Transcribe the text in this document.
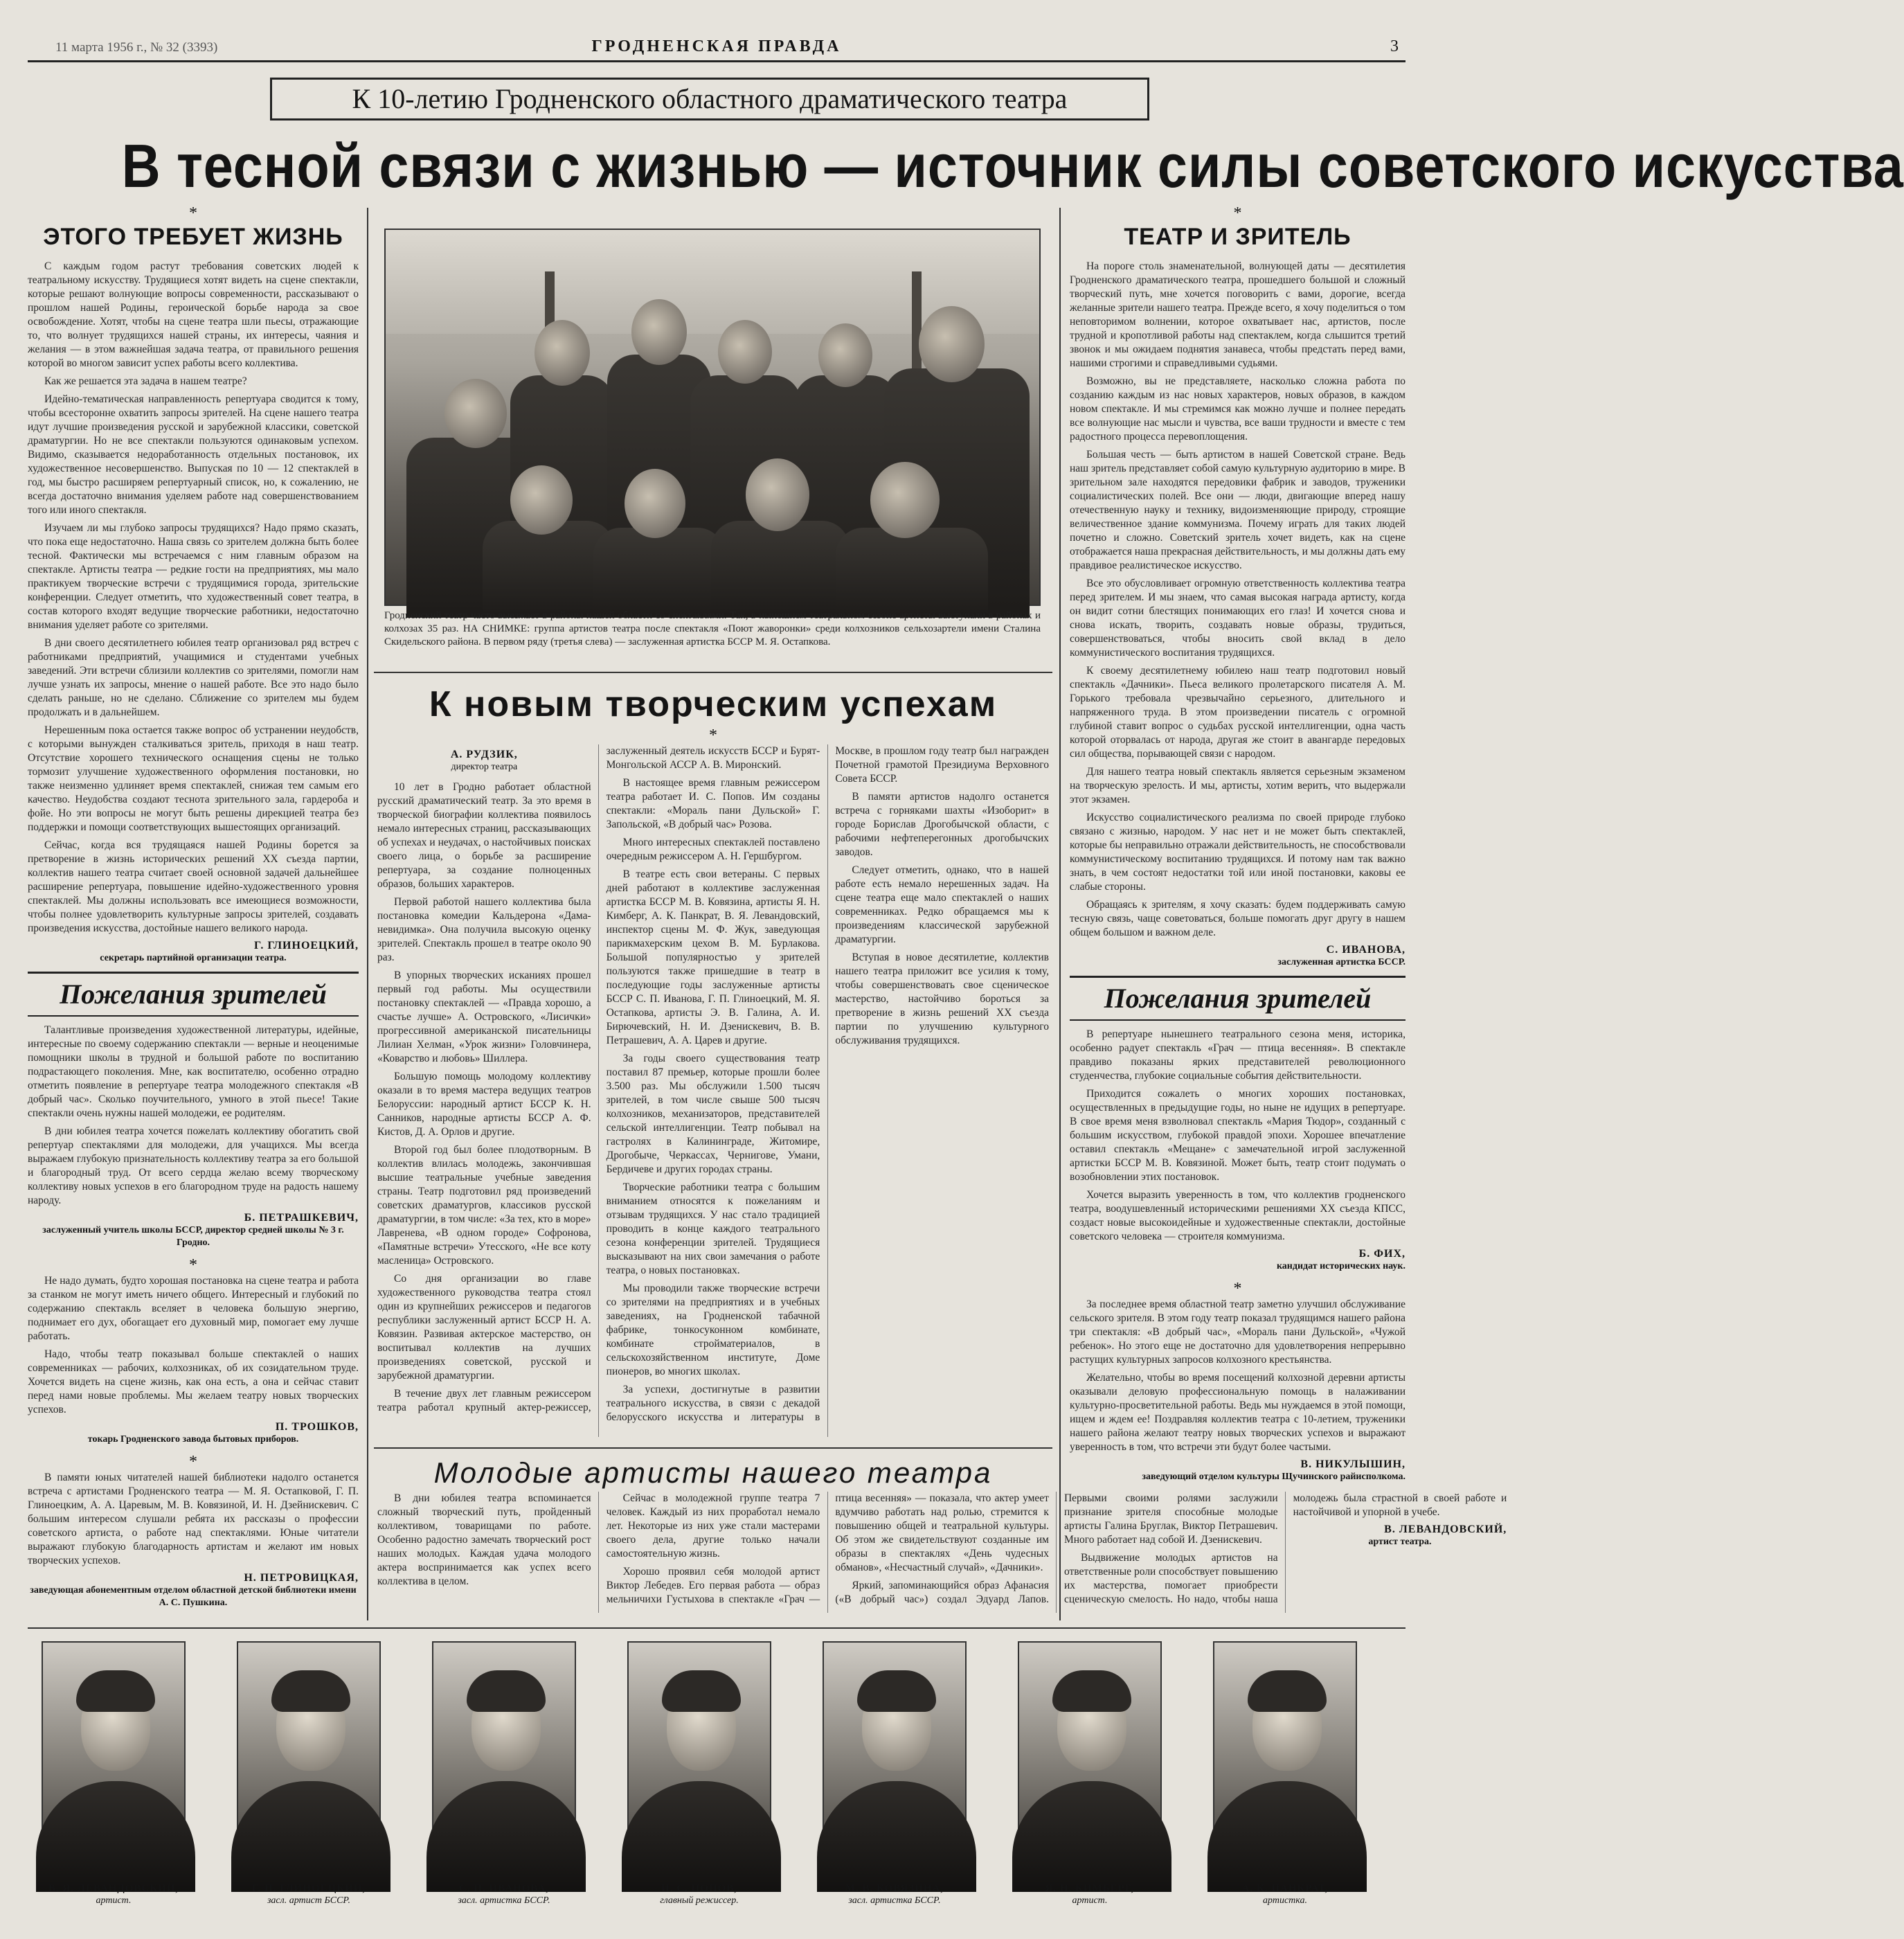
11 марта 1956 г., № 32 (3393)	ГРОДНЕНСКАЯ ПРАВДА	3
К 10-летию Гродненского областного драматического театра
В тесной связи с жизнью — источник силы советского искусства
*
ЭТОГО ТРЕБУЕТ ЖИЗНЬ

С каждым годом растут требования советских людей к театральному искусству. Трудящиеся хотят видеть на сцене спектакли, которые решают волнующие вопросы современности, рассказывают о прошлом нашей Родины, героической борьбе народа за свое освобождение. Хотят, чтобы на сцене театра шли пьесы, отражающие то, что волнует трудящихся нашей страны, их интересы, чаяния и желания — в этом важнейшая задача театра, от правильного решения которой во многом зависит успех работы всего коллектива.

Как же решается эта задача в нашем театре?

Идейно-тематическая направленность репертуара сводится к тому, чтобы всесторонне охватить запросы зрителей. На сцене нашего театра идут лучшие произведения русской и зарубежной классики, советской драматургии. Но не все спектакли пользуются одинаковым успехом. Видимо, сказывается недоработанность отдельных постановок, их художественное несовершенство. Выпуская по 10 — 12 спектаклей в год, мы быстро расширяем репертуарный список, но, к сожалению, не всегда достаточно внимания уделяем работе над совершенствованием того или иного спектакля.

Изучаем ли мы глубоко запросы трудящихся? Надо прямо сказать, что пока еще недостаточно. Наша связь со зрителем должна быть более тесной. Фактически мы встречаемся с ним главным образом на спектакле. Артисты театра — редкие гости на предприятиях, мы мало практикуем творческие встречи с трудящимися города, зрительские конференции. Следует отметить, что художественный совет театра, в состав которого входят ведущие творческие работники, недостаточно внимания уделяет работе со зрителями.

В дни своего десятилетнего юбилея театр организовал ряд встреч с работниками предприятий, учащимися и студентами учебных заведений. Эти встречи сблизили коллектив со зрителями, помогли нам лучше узнать их запросы, мнение о нашей работе. Все это надо было сделать раньше, но не сделано. Сближение со зрителем мы будем продолжать и в дальнейшем.

Нерешенным пока остается также вопрос об устранении неудобств, с которыми вынужден сталкиваться зритель, приходя в наш театр. Отсутствие хорошего технического оснащения сцены не только тормозит улучшение художественного оформления постановки, но также неизменно удлиняет время спектаклей, снижая тем самым его качество. Неудобства создают теснота зрительного зала, гардероба и фойе. Но эти вопросы не могут быть решены дирекцией театра без поддержки и помощи соответствующих вышестоящих организаций.

Сейчас, когда вся трудящаяся нашей Родины борется за претворение в жизнь исторических решений XX съезда партии, коллектив нашего театра считает своей основной задачей дальнейшее расширение репертуара, повышение идейно-художественного уровня спектаклей. Мы должны использовать все имеющиеся возможности, чтобы полнее удовлетворить культурные запросы зрителей, создавать произведения искусства, достойные нашего великого народа.

Г. ГЛИНОЕЦКИЙ,
секретарь партийной организации театра.
Пожелания зрителей

Талантливые произведения художественной литературы, идейные, интересные по своему содержанию спектакли — верные и неоценимые помощники школы в трудной и большой работе по воспитанию подрастающего поколения. Мне, как воспитателю, особенно отрадно отметить появление в репертуаре театра молодежного спектакля «В добрый час». Сколько поучительного, умного в этой пьесе! Такие спектакли очень нужны нашей молодежи, ее родителям.

В дни юбилея театра хочется пожелать коллективу обогатить свой репертуар спектаклями для молодежи, для учащихся. Мы всегда выражаем глубокую признательность коллективу театра за его большой и благородный труд. От всего сердца желаю всему творческому коллективу новых успехов в его благородном труде на радость нашему народу.

Б. ПЕТРАШКЕВИЧ,
заслуженный учитель школы БССР, директор средней школы № 3 г. Гродно.
*

Не надо думать, будто хорошая постановка на сцене театра и работа за станком не могут иметь ничего общего. Интересный и глубокий по содержанию спектакль вселяет в человека большую энергию, поднимает его дух, обогащает его духовный мир, помогает ему лучше работать.

Надо, чтобы театр показывал больше спектаклей о наших современниках — рабочих, колхозниках, об их созидательном труде. Хочется видеть на сцене жизнь, как она есть, а она и сейчас ставит перед нами новые проблемы. Мы желаем театру новых творческих успехов.

П. ТРОШКОВ,
токарь Гродненского завода бытовых приборов.
*

В памяти юных читателей нашей библиотеки надолго останется встреча с артистами Гродненского театра — М. Я. Остапковой, Г. П. Глиноецким, А. А. Царевым, М. В. Ковязиной, И. Н. Дзейнискевич. С большим интересом слушали ребята их рассказы о профессии советского артиста, о работе над спектаклями. Юные читатели выражают глубокую благодарность артистам и желают им новых творческих успехов.

Н. ПЕТРОВИЦКАЯ,
заведующая абонементным отделом областной детской библиотеки имени А. С. Пушкина.

Гродненский театр часто выезжает в районы нашей области со спектаклями. Так, в нынешнем театральном сезоне артисты выступали в районах и колхозах 35 раз. НА СНИМКЕ: группа артистов театра после спектакля «Поют жаворонки» среди колхозников сельхозартели имени Сталина Скидельского района. В первом ряду (третья слева) — заслуженная артистка БССР М. Я. Остапкова.

К новым творческим успехам
*
А. РУДЗИК,
директор театра

10 лет в Гродно работает областной русский драматический театр. За это время в творческой биографии коллектива появилось немало интересных страниц, рассказывающих об успехах и неудачах, о настойчивых поисках своего лица, о борьбе за расширение репертуара, за создание полноценных образов, больших характеров.

Первой работой нашего коллектива была постановка комедии Кальдерона «Дама-невидимка». Она получила высокую оценку зрителей. Спектакль прошел в театре около 90 раз.

В упорных творческих исканиях прошел первый год работы. Мы осуществили постановку спектаклей — «Правда хорошо, а счастье лучше» А. Островского, «Лисички» прогрессивной американской писательницы Лилиан Хелман, «Урок жизни» Головчинера, «Коварство и любовь» Шиллера.

Большую помощь молодому коллективу оказали в то время мастера ведущих театров Белоруссии: народный артист БССР К. Н. Санников, народные артисты БССР А. Ф. Кистов, Д. А. Орлов и другие.

Второй год был более плодотворным. В коллектив влилась молодежь, закончившая высшие театральные учебные заведения страны. Театр подготовил ряд произведений советских драматургов, классиков русской драматургии, в том числе: «За тех, кто в море» Лавренева, «В одном городе» Софронова, «Памятные встречи» Утесского, «Не все коту масленица» Островского.

Со дня организации во главе художественного руководства театра стоял один из крупнейших режиссеров и педагогов республики заслуженный артист БССР Н. А. Ковязин. Развивая актерское мастерство, он воспитывал коллектив на лучших произведениях советской, русской и зарубежной драматургии.

В течение двух лет главным режиссером театра работал крупный актер-режиссер, заслуженный деятель искусств БССР и Бурят-Монгольской АССР А. В. Миронский.

В настоящее время главным режиссером театра работает И. С. Попов. Им созданы спектакли: «Мораль пани Дульской» Г. Запольской, «В добрый час» Розова.

Много интересных спектаклей поставлено очередным режиссером А. Н. Гершбургом.

В театре есть свои ветераны. С первых дней работают в коллективе заслуженная артистка БССР М. В. Ковязина, артисты Я. Н. Кимберг, А. К. Панкрат, В. Я. Левандовский, инспектор сцены М. Ф. Жук, заведующая парикмахерским цехом В. М. Бурлакова. Большой популярностью у зрителей пользуются также пришедшие в театр в последующие годы заслуженные артисты БССР С. П. Иванова, Г. П. Глиноецкий, М. Я. Остапкова, артисты Э. В. Галина, А. И. Бирючевский, Н. И. Дзенискевич, В. В. Петрашевич, А. А. Царев и другие.

За годы своего существования театр поставил 87 премьер, которые прошли более 3.500 раз. Мы обслужили 1.500 тысяч зрителей, в том числе свыше 500 тысяч колхозников, механизаторов, представителей сельской интеллигенции. Театр побывал на гастролях в Калининграде, Житомире, Дрогобыче, Черкассах, Чернигове, Умани, Бердичеве и других городах страны.

Творческие работники театра с большим вниманием относятся к пожеланиям и отзывам трудящихся. У нас стало традицией проводить в конце каждого театрального сезона конференции зрителей. Трудящиеся высказывают на них свои замечания о работе театра, о новых постановках.

Мы проводили также творческие встречи со зрителями на предприятиях и в учебных заведениях, на Гродненской табачной фабрике, тонкосуконном комбинате, комбинате стройматериалов, в сельскохозяйственном институте, Доме пионеров, во многих школах.

За успехи, достигнутые в развитии театрального искусства, в связи с декадой белорусского искусства и литературы в Москве, в прошлом году театр был награжден Почетной грамотой Президиума Верховного Совета БССР.

В памяти артистов надолго останется встреча с горняками шахты «Изоборит» в городе Борислав Дрогобычской области, с рабочими нефтеперегонных дрогобычских заводов.

Следует отметить, однако, что в нашей работе есть немало нерешенных задач. На сцене театра еще мало спектаклей о наших современниках. Редко обращаемся мы к произведениям классической зарубежной драматургии.

Вступая в новое десятилетие, коллектив нашего театра приложит все усилия к тому, чтобы совершенствовать свое сценическое мастерство, настойчиво бороться за претворение в жизнь решений XX съезда партии по улучшению культурного обслуживания трудящихся.

Молодые артисты нашего театра

В дни юбилея театра вспоминается сложный творческий путь, пройденный коллективом, товарищами по работе. Особенно радостно замечать творческий рост наших молодых. Каждая удача молодого актера воспринимается как успех всего коллектива в целом.

Сейчас в молодежной группе театра 7 человек. Каждый из них проработал немало лет. Некоторые из них уже стали мастерами своего дела, другие только начали самостоятельную жизнь.

Хорошо проявил себя молодой артист Виктор Лебедев. Его первая работа — образ мельничихи Густыхова в спектакле «Грач — птица весенняя» — показала, что актер умеет вдумчиво работать над ролью, стремится к повышению общей и театральной культуры. Об этом же свидетельствуют созданные им образы в спектаклях «День чудесных обманов», «Несчастный случай», «Дачники».

Яркий, запоминающийся образ Афанасия («В добрый час») создал Эдуард Лапов. Первыми своими ролями заслужили признание зрителя способные молодые артисты Галина Бруглак, Виктор Петрашевич. Много работает над собой И. Дзенискевич.

Выдвижение молодых артистов на ответственные роли способствует повышению их мастерства, помогает приобрести сценическую смелость. Но надо, чтобы наша молодежь была страстной в своей работе и настойчивой и упорной в учебе.

В. ЛЕВАНДОВСКИЙ,
артист театра.
*
ТЕАТР И ЗРИТЕЛЬ

На пороге столь знаменательной, волнующей даты — десятилетия Гродненского драматического театра, прошедшего большой и сложный творческий путь, мне хочется поговорить с вами, дорогие, всегда желанные зрители нашего театра. Прежде всего, я хочу поделиться о том неповторимом волнении, которое охватывает нас, артистов, после трудной и кропотливой работы над спектаклем, когда слышится третий звонок и мы ожидаем поднятия занавеса, чтобы предстать перед вами, нашими строгими и справедливыми судьями.

Возможно, вы не представляете, насколько сложна работа по созданию каждым из нас новых характеров, новых образов, в каждом новом спектакле. И мы стремимся как можно лучше и полнее передать все волнующие нас мысли и чувства, все ваши трудности и вместе с тем радостного процесса перевоплощения.

Большая честь — быть артистом в нашей Советской стране. Ведь наш зритель представляет собой самую культурную аудиторию в мире. В зрительном зале находятся передовики фабрик и заводов, труженики социалистических полей. Все они — люди, двигающие вперед нашу отечественную науку и технику, видоизменяющие природу, строящие величественное здание коммунизма. Почему играть для таких людей почетно и сложно. Советский зритель хочет видеть, как на сцене отображается наша прекрасная действительность, и мы должны дать ему правдивое реалистическое искусство.

Все это обусловливает огромную ответственность коллектива театра перед зрителем. И мы знаем, что самая высокая награда артисту, когда он видит сотни блестящих понимающих его глаз! И хочется снова и снова искать, творить, создавать новые образы, трудиться, совершенствоваться, чтобы вносить свой вклад в дело коммунистического воспитания трудящихся.

К своему десятилетнему юбилею наш театр подготовил новый спектакль «Дачники». Пьеса великого пролетарского писателя А. М. Горького требовала чрезвычайно серьезного, длительного и напряженного труда. В этом произведении писатель с огромной глубиной ставит вопрос о судьбах русской интеллигенции, одна часть которой оторвалась от народа, другая же стоит в авангарде передовых сил общества, порывающей связи с народом.

Для нашего театра новый спектакль является серьезным экзаменом на творческую зрелость. И мы, артисты, хотим верить, что выдержали этот экзамен.

Искусство социалистического реализма по своей природе глубоко связано с жизнью, народом. У нас нет и не может быть спектаклей, которые бы неправильно отражали действительность, не способствовали коммунистическому воспитанию трудящихся. И потому нам так важно знать, в чем состоят недостатки той или иной постановки, каковы ее слабые стороны.

Обращаясь к зрителям, я хочу сказать: будем поддерживать самую тесную связь, чаще советоваться, больше помогать друг другу в нашем общем большом и важном деле.

С. ИВАНОВА,
заслуженная артистка БССР.
Пожелания зрителей

В репертуаре нынешнего театрального сезона меня, историка, особенно радует спектакль «Грач — птица весенняя». В спектакле правдиво показаны ярких представителей революционного студенчества, глубокие социальные события действительности.

Приходится сожалеть о многих хороших постановках, осуществленных в предыдущие годы, но ныне не идущих в репертуаре. В свое время меня взволновал спектакль «Мария Тюдор», созданный с большим искусством, глубокой правдой эпохи. Хорошее впечатление оставил спектакль «Мещане» с замечательной игрой заслуженной артистки БССР М. В. Ковязиной. Может быть, театр стоит подумать о возобновлении этих постановок.

Хочется выразить уверенность в том, что коллектив гродненского театра, воодушевленный историческими решениями XX съезда КПСС, создаст новые высокоидейные и художественные спектакли, достойные советского человека — строителя коммунизма.

Б. ФИХ,
кандидат исторических наук.
*

За последнее время областной театр заметно улучшил обслуживание сельского зрителя. В этом году театр показал трудящимся нашего района три спектакля: «В добрый час», «Мораль пани Дульской», «Чужой ребенок». Но этого еще не достаточно для удовлетворения непрерывно растущих культурных запросов колхозного крестьянства.

Желательно, чтобы во время посещений колхозной деревни артисты оказывали деловую профессиональную помощь в налаживании культурно-просветительной работы. Ведь мы нуждаемся в этой помощи, ищем и ждем ее! Поздравляя коллектив театра с 10-летием, труженики нашего района желают театру новых творческих успехов и выражают уверенность в том, что встречи эти будут более частыми.

В. НИКУЛЫШИН,
заведующий отделом культуры Щучинского райисполкома.
В. Я. ЛЕВАНДОВСКИЙ,
артист.
Г. П. ГЛИНОЕЦКИЙ,
засл. артист БССР.
С. П. ИВАНОВА,
засл. артистка БССР.
И. С. ПОПОВ,
главный режиссер.
М. В. КОВЯЗИНА,
засл. артистка БССР.
Я. Н. КИМБЕРГ,
артист.
А. К. ПАНКРАТ,
артистка.
